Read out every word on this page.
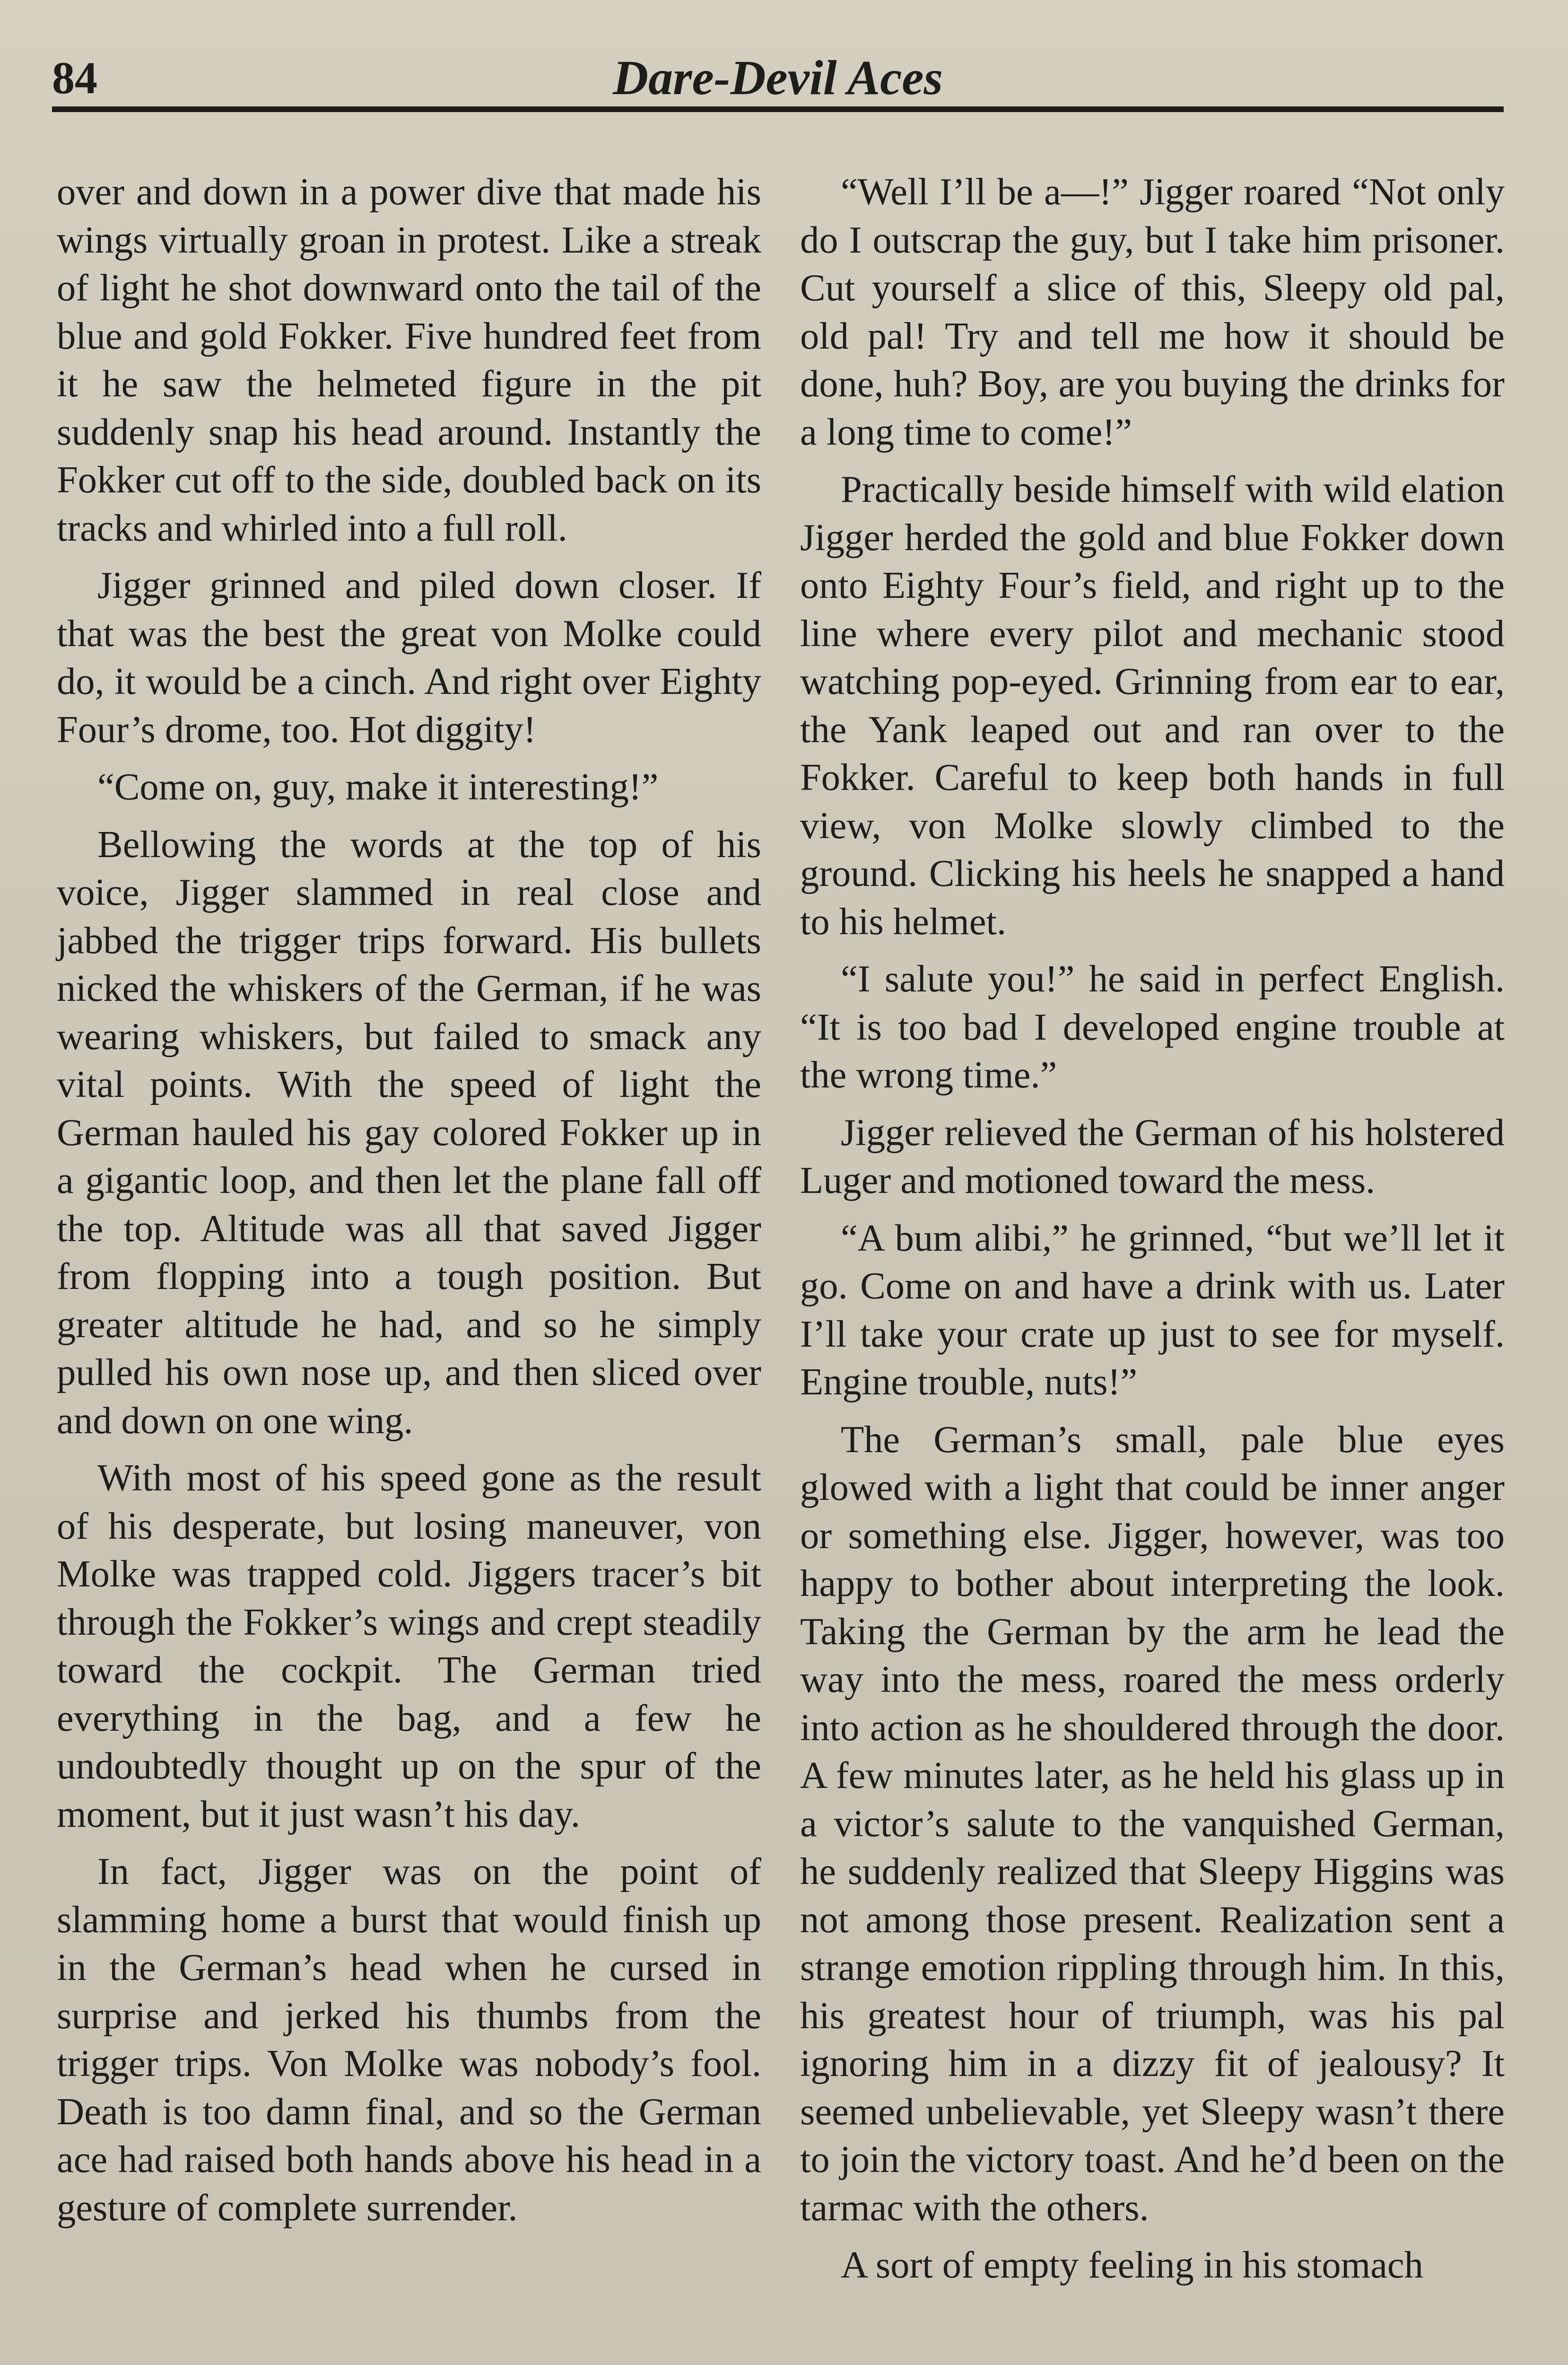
84	Dare-Devil Aces

over and down in a power dive that made his wings virtually groan in protest. Like a streak of light he shot downward onto the tail of the blue and gold Fokker. Five hundred feet from it he saw the helmeted figure in the pit suddenly snap his head around. Instantly the Fokker cut off to the side, doubled back on its tracks and whirled into a full roll.

Jigger grinned and piled down closer. If that was the best the great von Molke could do, it would be a cinch. And right over Eighty Four’s drome, too. Hot diggity!

“Come on, guy, make it interesting!”

Bellowing the words at the top of his voice, Jigger slammed in real close and jabbed the trigger trips forward. His bullets nicked the whiskers of the German, if he was wearing whiskers, but failed to smack any vital points. With the speed of light the German hauled his gay colored Fokker up in a gigantic loop, and then let the plane fall off the top. Altitude was all that saved Jigger from flopping into a tough position. But greater altitude he had, and so he simply pulled his own nose up, and then sliced over and down on one wing.

With most of his speed gone as the result of his desperate, but losing maneuver, von Molke was trapped cold. Jiggers tracer’s bit through the Fokker’s wings and crept steadily toward the cockpit. The German tried everything in the bag, and a few he undoubtedly thought up on the spur of the moment, but it just wasn’t his day.

In fact, Jigger was on the point of slamming home a burst that would finish up in the German’s head when he cursed in surprise and jerked his thumbs from the trigger trips. Von Molke was nobody’s fool. Death is too damn final, and so the German ace had raised both hands above his head in a gesture of complete surrender.

“Well I’ll be a—!” Jigger roared “Not only do I outscrap the guy, but I take him prisoner. Cut yourself a slice of this, Sleepy old pal, old pal! Try and tell me how it should be done, huh? Boy, are you buying the drinks for a long time to come!”

Practically beside himself with wild elation Jigger herded the gold and blue Fokker down onto Eighty Four’s field, and right up to the line where every pilot and mechanic stood watching pop-eyed. Grinning from ear to ear, the Yank leaped out and ran over to the Fokker. Careful to keep both hands in full view, von Molke slowly climbed to the ground. Clicking his heels he snapped a hand to his helmet.

“I salute you!” he said in perfect English. “It is too bad I developed engine trouble at the wrong time.”

Jigger relieved the German of his holstered Luger and motioned toward the mess.

“A bum alibi,” he grinned, “but we’ll let it go. Come on and have a drink with us. Later I’ll take your crate up just to see for myself. Engine trouble, nuts!”

The German’s small, pale blue eyes glowed with a light that could be inner anger or something else. Jigger, however, was too happy to bother about interpreting the look. Taking the German by the arm he lead the way into the mess, roared the mess orderly into action as he shouldered through the door. A few minutes later, as he held his glass up in a victor’s salute to the vanquished German, he suddenly realized that Sleepy Higgins was not among those present. Realization sent a strange emotion rippling through him. In this, his greatest hour of triumph, was his pal ignoring him in a dizzy fit of jealousy? It seemed unbelievable, yet Sleepy wasn’t there to join the victory toast. And he’d been on the tarmac with the others.

A sort of empty feeling in his stomach
